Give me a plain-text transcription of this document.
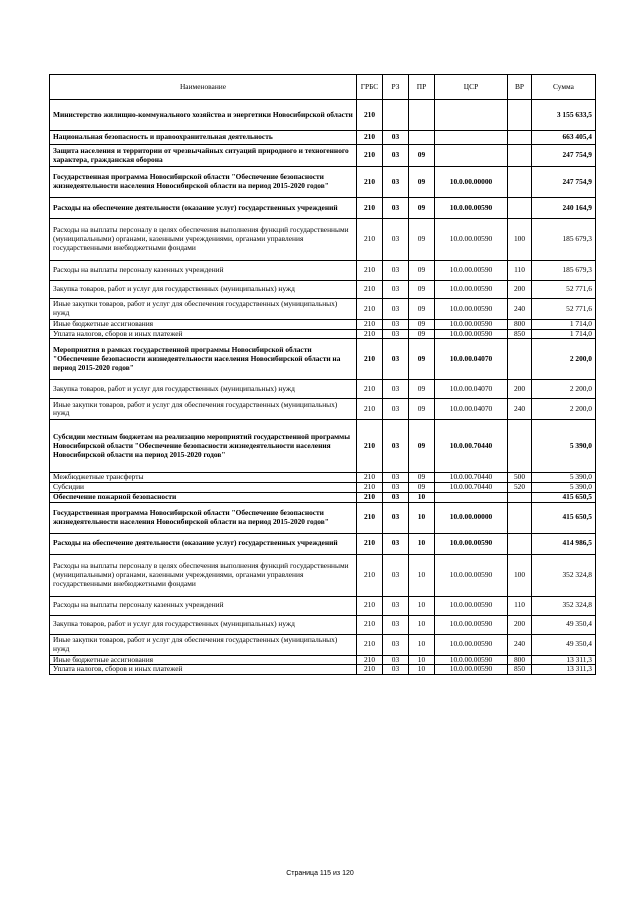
Наименование	ГРБС	РЗ	ПР	ЦСР	ВР	Сумма
Министерство жилищно-коммунального хозяйства и энергетики Новосибирской области	210					3 155 633,5
Национальная безопасность и правоохранительная деятельность	210	03				663 405,4
Защита населения и территории от чрезвычайных ситуаций природного и техногенного характера, гражданская оборона	210	03	09			247 754,9
Государственная программа Новосибирской области "Обеспечение безопасности жизнедеятельности населения Новосибирской области на период 2015-2020 годов"	210	03	09	10.0.00.00000		247 754,9
Расходы на обеспечение деятельности (оказание услуг) государственных учреждений	210	03	09	10.0.00.00590		240 164,9
Расходы на выплаты персоналу в целях обеспечения выполнения функций государственными (муниципальными) органами, казенными учреждениями, органами управления государственными внебюджетными фондами	210	03	09	10.0.00.00590	100	185 679,3
Расходы на выплаты персоналу казенных учреждений	210	03	09	10.0.00.00590	110	185 679,3
Закупка товаров, работ и услуг для государственных (муниципальных) нужд	210	03	09	10.0.00.00590	200	52 771,6
Иные закупки товаров, работ и услуг для обеспечения государственных (муниципальных) нужд	210	03	09	10.0.00.00590	240	52 771,6
Иные бюджетные ассигнования	210	03	09	10.0.00.00590	800	1 714,0
Уплата налогов, сборов и иных платежей	210	03	09	10.0.00.00590	850	1 714,0
Мероприятия в рамках государственной программы Новосибирской области "Обеспечение безопасности жизнедеятельности населения Новосибирской области на период 2015-2020 годов"	210	03	09	10.0.00.04070		2 200,0
Закупка товаров, работ и услуг для государственных (муниципальных) нужд	210	03	09	10.0.00.04070	200	2 200,0
Иные закупки товаров, работ и услуг для обеспечения государственных (муниципальных) нужд	210	03	09	10.0.00.04070	240	2 200,0
Субсидии местным бюджетам на реализацию мероприятий государственной программы Новосибирской области "Обеспечение безопасности жизнедеятельности населения Новосибирской области на период 2015-2020 годов"	210	03	09	10.0.00.70440		5 390,0
Межбюджетные трансферты	210	03	09	10.0.00.70440	500	5 390,0
Субсидии	210	03	09	10.0.00.70440	520	5 390,0
Обеспечение пожарной безопасности	210	03	10			415 650,5
Государственная программа Новосибирской области "Обеспечение безопасности жизнедеятельности населения Новосибирской области на период 2015-2020 годов"	210	03	10	10.0.00.00000		415 650,5
Расходы на обеспечение деятельности (оказание услуг) государственных учреждений	210	03	10	10.0.00.00590		414 986,5
Расходы на выплаты персоналу в целях обеспечения выполнения функций государственными (муниципальными) органами, казенными учреждениями, органами управления государственными внебюджетными фондами	210	03	10	10.0.00.00590	100	352 324,8
Расходы на выплаты персоналу казенных учреждений	210	03	10	10.0.00.00590	110	352 324,8
Закупка товаров, работ и услуг для государственных (муниципальных) нужд	210	03	10	10.0.00.00590	200	49 350,4
Иные закупки товаров, работ и услуг для обеспечения государственных (муниципальных) нужд	210	03	10	10.0.00.00590	240	49 350,4
Иные бюджетные ассигнования	210	03	10	10.0.00.00590	800	13 311,3
Уплата налогов, сборов и иных платежей	210	03	10	10.0.00.00590	850	13 311,3
Страница 115 из 120
